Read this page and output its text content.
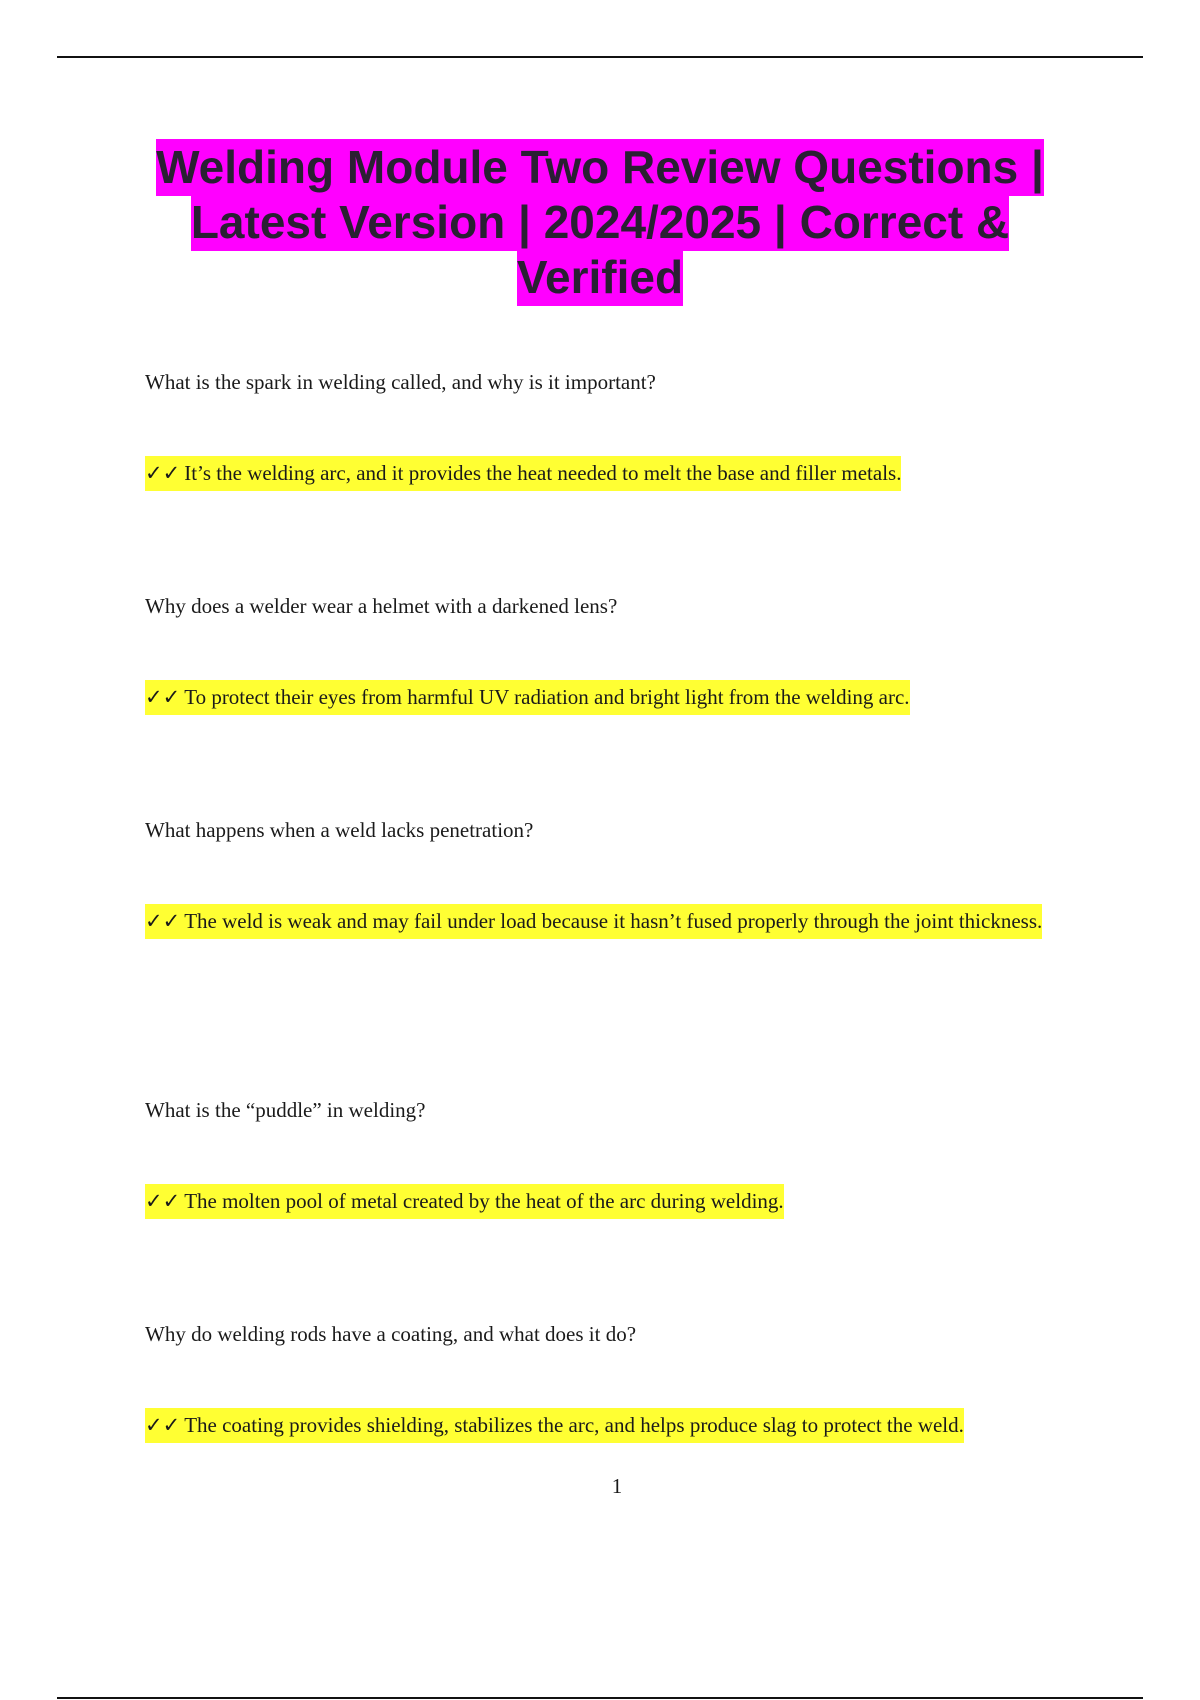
Welding Module Two Review Questions | Latest Version | 2024/2025 | Correct & Verified
What is the spark in welding called, and why is it important?
✓✓ It’s the welding arc, and it provides the heat needed to melt the base and filler metals.
Why does a welder wear a helmet with a darkened lens?
✓✓ To protect their eyes from harmful UV radiation and bright light from the welding arc.
What happens when a weld lacks penetration?
✓✓ The weld is weak and may fail under load because it hasn’t fused properly through the joint thickness.
What is the “puddle” in welding?
✓✓ The molten pool of metal created by the heat of the arc during welding.
Why do welding rods have a coating, and what does it do?
✓✓ The coating provides shielding, stabilizes the arc, and helps produce slag to protect the weld.
1
